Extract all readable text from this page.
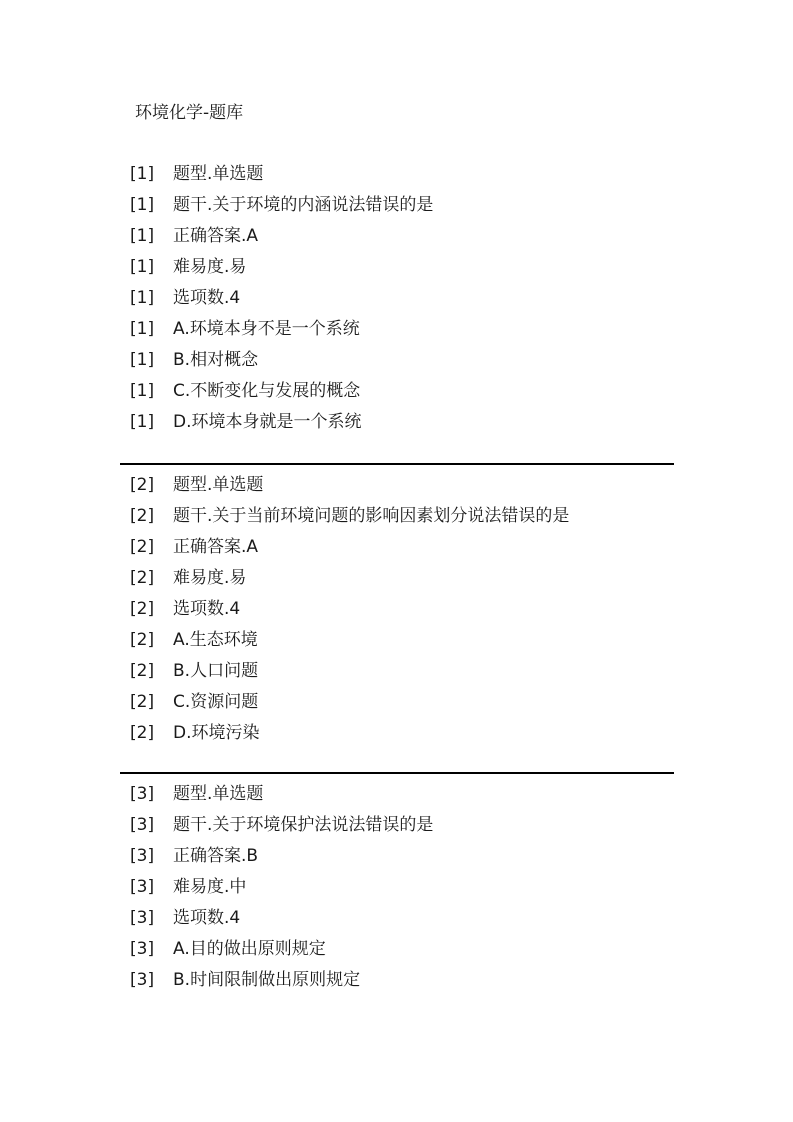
环境化学-题库
[1] 题型.单选题
[1] 题干.关于环境的内涵说法错误的是
[1] 正确答案.A
[1] 难易度.易
[1] 选项数.4
[1] A.环境本身不是一个系统
[1] B.相对概念
[1] C.不断变化与发展的概念
[1] D.环境本身就是一个系统
[2] 题型.单选题
[2] 题干.关于当前环境问题的影响因素划分说法错误的是
[2] 正确答案.A
[2] 难易度.易
[2] 选项数.4
[2] A.生态环境
[2] B.人口问题
[2] C.资源问题
[2] D.环境污染
[3] 题型.单选题
[3] 题干.关于环境保护法说法错误的是
[3] 正确答案.B
[3] 难易度.中
[3] 选项数.4
[3] A.目的做出原则规定
[3] B.时间限制做出原则规定
